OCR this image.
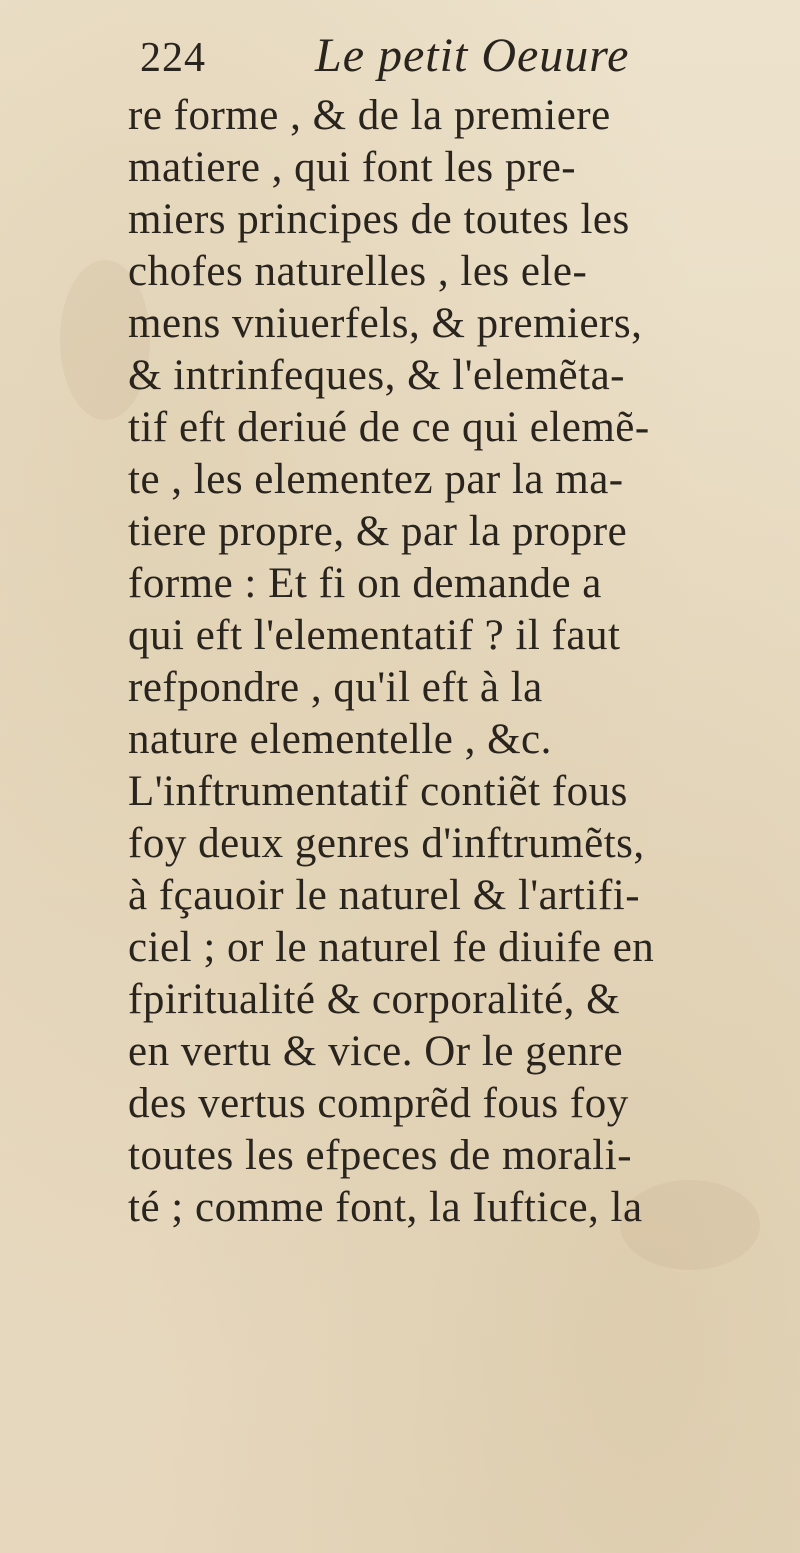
224 Le petit Oeuure
re forme , & de la premiere
matiere , qui font les pre-
miers principes de toutes les
chofes naturelles , les ele-
mens vniuerfels, & premiers,
& intrinfeques, & l'elemẽta-
tif eft deriué de ce qui elemẽ-
te , les elementez par la ma-
tiere propre, & par la propre
forme : Et fi on demande a
qui eft l'elementatif ? il faut
refpondre , qu'il eft à la
nature elementelle , &c.
L'inftrumentatif contiẽt fous
foy deux genres d'inftrumẽts,
à fçauoir le naturel & l'artifi-
ciel ; or le naturel fe diuife en
fpiritualité & corporalité, &
en vertu & vice. Or le genre
des vertus comprẽd fous foy
toutes les efpeces de morali-
té ; comme font, la Iuftice, la
